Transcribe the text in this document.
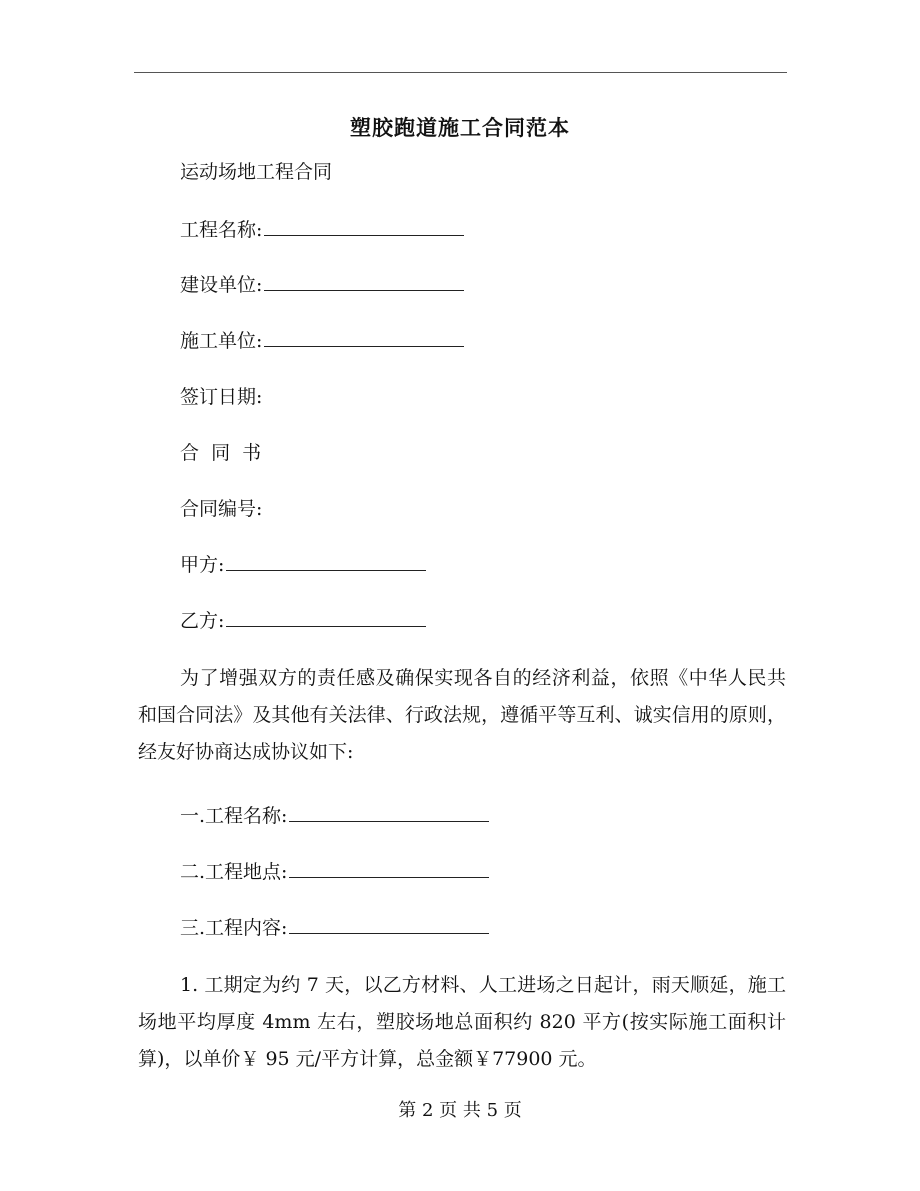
塑胶跑道施工合同范本
运动场地工程合同
工程名称:
建设单位:
施工单位:
签订日期:
合  同  书
合同编号:
甲方:
乙方:
为了增强双方的责任感及确保实现各自的经济利益，依照《中华人民共和国合同法》及其他有关法律、行政法规，遵循平等互利、诚实信用的原则，经友好协商达成协议如下:
一.工程名称:
二.工程地点:
三.工程内容:
1. 工期定为约 7 天，以乙方材料、人工进场之日起计，雨天顺延，施工场地平均厚度 4mm 左右，塑胶场地总面积约 820 平方(按实际施工面积计算)，以单价￥ 95 元/平方计算，总金额￥77900 元。
第 2 页 共 5 页
